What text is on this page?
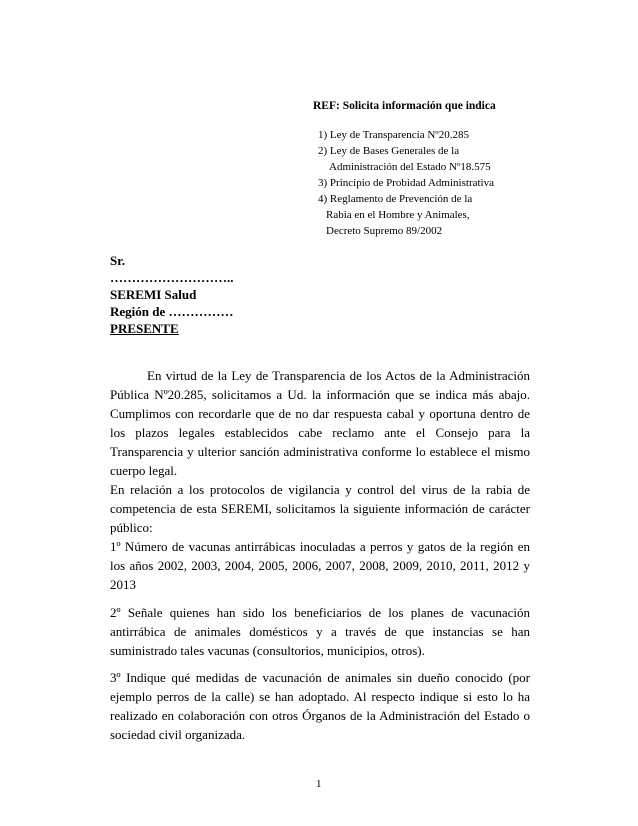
REF: Solicita información que indica
1) Ley de Transparencia Nº20.285
2) Ley de Bases Generales de la
Administración del Estado Nº18.575
3) Principio de Probidad Administrativa
4) Reglamento de Prevención de la
Rabia en el Hombre y Animales,
Decreto Supremo 89/2002
Sr.
………………………..
SEREMI Salud
Región de ……………
PRESENTE

En virtud de la Ley de Transparencia de los Actos de la Administración Pública Nº20.285, solicitamos a Ud. la información que se indica más abajo. Cumplimos con recordarle que de no dar respuesta cabal y oportuna dentro de los plazos legales establecidos cabe reclamo ante el Consejo para la Transparencia y ulterior sanción administrativa conforme lo establece el mismo cuerpo legal.

En relación a los protocolos de vigilancia y control del virus de la rabia de competencia de esta SEREMI, solicitamos la siguiente información de carácter público:

1º Número de vacunas antirrábicas inoculadas a perros y gatos de la región en los años 2002, 2003, 2004, 2005, 2006, 2007, 2008, 2009, 2010, 2011, 2012 y 2013

2º Señale quienes han sido los beneficiarios de los planes de vacunación antirrábica de animales domésticos y a través de que instancias se han suministrado tales vacunas (consultorios, municipios, otros).

3º Indique qué medidas de vacunación de animales sin dueño conocido (por ejemplo perros de la calle) se han adoptado. Al respecto indique si esto lo ha realizado en colaboración con otros Órganos de la Administración del Estado o sociedad civil organizada.

1
